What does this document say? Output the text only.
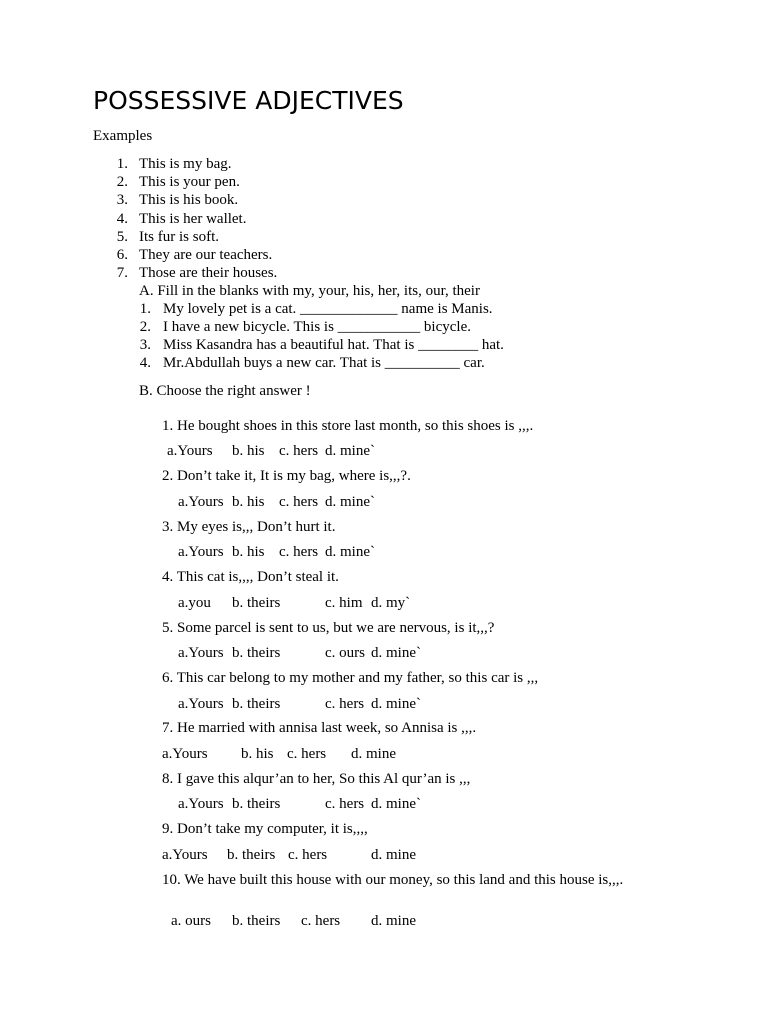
POSSESSIVE ADJECTIVES
Examples
1. This is my bag.
2. This is your pen.
3. This is his book.
4. This is her wallet.
5. Its fur is soft.
6. They are our teachers.
7. Those are their houses.
A. Fill in the blanks with my, your, his, her, its, our, their
1. My lovely pet is a cat. _____________ name is Manis.
2. I have a new bicycle. This is ___________ bicycle.
3. Miss Kasandra has a beautiful hat. That is ________ hat.
4. Mr.Abdullah buys a new car. That is __________ car.
B. Choose the right answer !
1. He bought shoes in this store last month, so this shoes is ,,,.
a.Yours b. his c. hers d. mine`
2. Don’t take it, It is my bag, where is,,,?.
a.Yours b. his c. hers d. mine`
3. My eyes is,,, Don’t hurt it.
a.Yours b. his c. hers d. mine`
4. This cat is,,,, Don’t steal it.
a.you b. theirs	c. him d. my`
5. Some parcel is sent to us, but we are nervous, is it,,,?
a.Yours b. theirs	c. ours d. mine`
6. This car belong to my mother and my father, so this car is ,,,
a.Yours b. theirs	c. hers d. mine`
7. He married with annisa last week, so Annisa is ,,,.
a.Yours b. his c. hers d. mine
8. I gave this alqur’an to her, So this Al qur’an is ,,,
a.Yours b. theirs	c. hers d. mine`
9. Don’t take my computer, it is,,,,
a.Yours b. theirs c. hers	d. mine
10. We have built this house with our money, so this land and this house is,,,.
a. ours b. theirs c. hers d. mine
